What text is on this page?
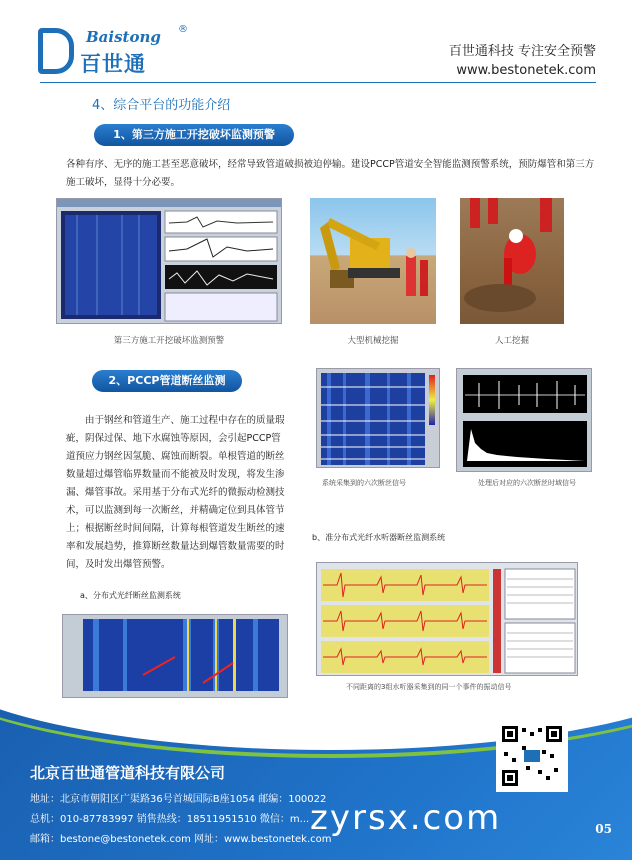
Baistong ®
百世通
百世通科技 专注安全预警
www.bestonetek.com
4、综合平台的功能介绍
1、第三方施工开挖破坏监测预警
各种有序、无序的施工甚至恶意破坏，经常导致管道破损被迫停输。建设PCCP管道安全智能监测预警系统，预防爆管和第三方施工破坏，显得十分必要。
第三方施工开挖破坏监测预警	大型机械挖掘	人工挖掘
2、PCCP管道断丝监测
由于钢丝和管道生产、施工过程中存在的质量瑕疵，阴保过保、地下水腐蚀等原因，会引起PCCP管道预应力钢丝因氢脆、腐蚀而断裂。单根管道的断丝数量超过爆管临界数量而不能被及时发现，将发生渗漏、爆管事故。采用基于分布式光纤的微振动检测技术，可以监测到每一次断丝，并精确定位到具体管节上；根据断丝时间间隔，计算每根管道发生断丝的速率和发展趋势，推算断丝数量达到爆管数量需要的时间，及时发出爆管预警。
系统采集到的六次断丝信号	处理后对应的六次断丝时域信号
b、准分布式光纤水听器断丝监测系统
不同距离的3组水听器采集到的同一个事件的振动信号
a、分布式光纤断丝监测系统
北京百世通管道科技有限公司
地址：北京市朝阳区广渠路36号首城国际B座1054 邮编：100022
总机：010-87783997 销售热线：18511951510 微信：m...
邮箱：bestone@bestonetek.com 网址：www.bestonetek.com
zyrsx.com	05
